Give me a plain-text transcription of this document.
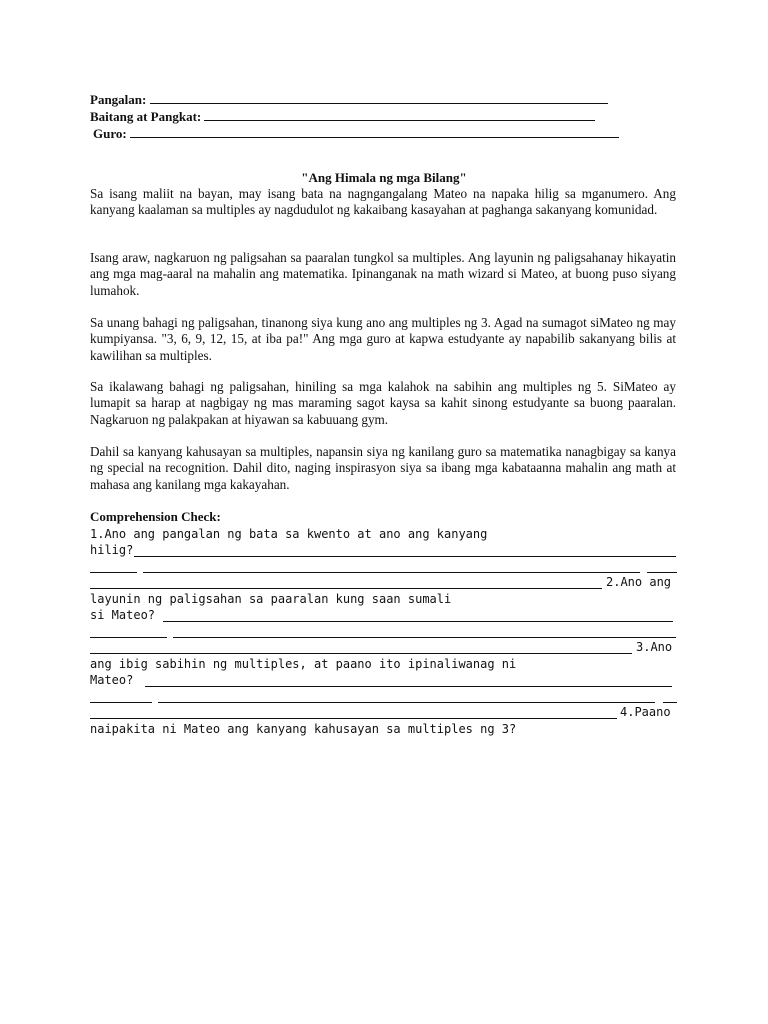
Pangalan:
Baitang at Pangkat:
Guro:
"Ang Himala ng mga Bilang"

Sa isang maliit na bayan, may isang bata na nagngangalang Mateo na napaka hilig sa mganumero. Ang kanyang kaalaman sa multiples ay nagdudulot ng kakaibang kasayahan at paghanga sakanyang komunidad.

Isang araw, nagkaruon ng paligsahan sa paaralan tungkol sa multiples. Ang layunin ng paligsahanay hikayatin ang mga mag-aaral na mahalin ang matematika. Ipinanganak na math wizard si Mateo, at buong puso siyang lumahok.

Sa unang bahagi ng paligsahan, tinanong siya kung ano ang multiples ng 3. Agad na sumagot siMateo ng may kumpiyansa. "3, 6, 9, 12, 15, at iba pa!" Ang mga guro at kapwa estudyante ay napabilib sakanyang bilis at kawilihan sa multiples.

Sa ikalawang bahagi ng paligsahan, hiniling sa mga kalahok na sabihin ang multiples ng 5. SiMateo ay lumapit sa harap at nagbigay ng mas maraming sagot kaysa sa kahit sinong estudyante sa buong paaralan. Nagkaruon ng palakpakan at hiyawan sa kabuuang gym.

Dahil sa kanyang kahusayan sa multiples, napansin siya ng kanilang guro sa matematika nanagbigay sa kanya ng special na recognition. Dahil dito, naging inspirasyon siya sa ibang mga kabataanna mahalin ang math at mahasa ang kanilang mga kakayahan.

Comprehension Check:
1.Ano ang pangalan ng bata sa kwento at ano ang kanyang
hilig?
2.Ano ang
layunin ng paligsahan sa paaralan kung saan sumali
si Mateo?
3.Ano
ang ibig sabihin ng multiples, at paano ito ipinaliwanag ni
Mateo?
4.Paano
naipakita ni Mateo ang kanyang kahusayan sa multiples ng 3?
